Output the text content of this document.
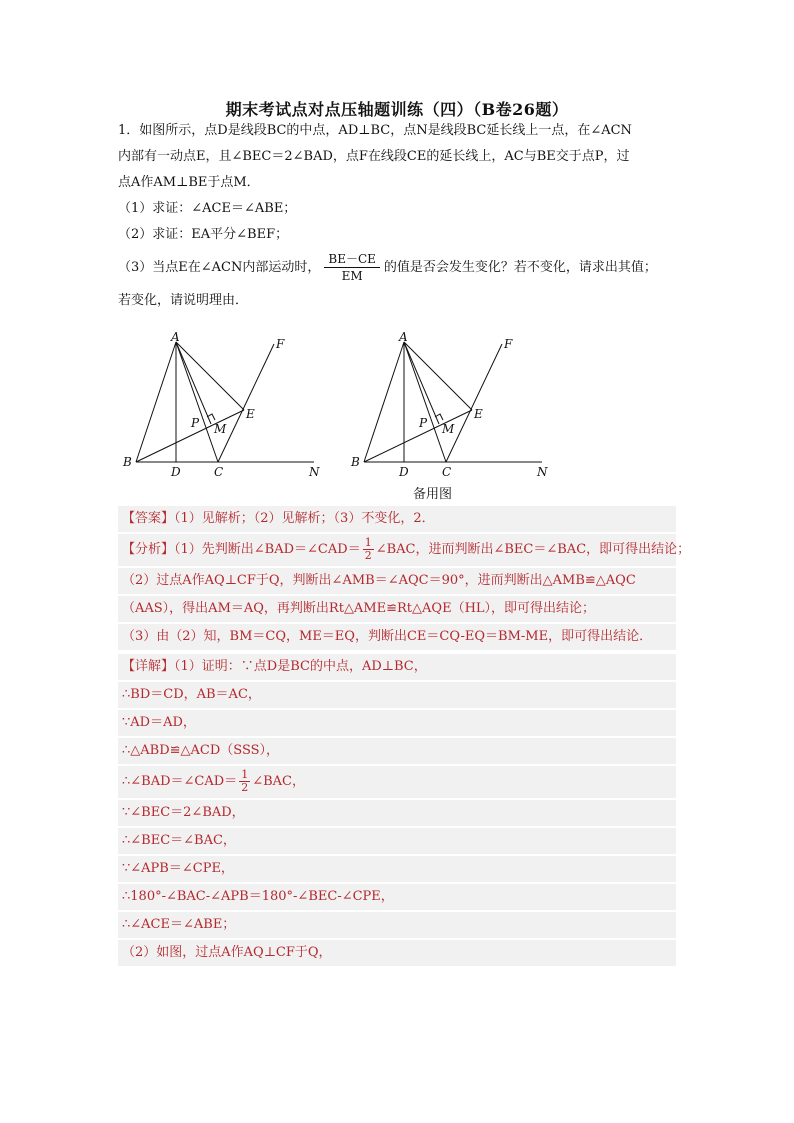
期末考试点对点压轴题训练（四）（B卷26题）
1．如图所示，点D是线段BC的中点，AD⊥BC，点N是线段BC延长线上一点，在∠ACN
内部有一动点E，且∠BEC＝2∠BAD，点F在线段CE的延长线上，AC与BE交于点P，过
点A作AM⊥BE于点M．
（1）求证：∠ACE＝∠ABE；
（2）求证：EA平分∠BEF；
（3）当点E在∠ACN内部运动时， $\frac{BE-CE}{EM}$ 的值是否会发生变化？若不变化，请求出其值；
若变化，请说明理由．
A
B
D	C	N
F
E
P M
A
B
D	C	N
F
E
P M
备用图
【答案】（1）见解析；（2）见解析；（3）不变化，2．
【分析】（1）先判断出∠BAD＝∠CAD＝ $\frac{1}{2}$ ∠BAC，进而判断出∠BEC＝∠BAC，即可得出结论；
（2）过点A作AQ⊥CF于Q，判断出∠AMB＝∠AQC＝90°，进而判断出△AMB≌△AQC
（AAS），得出AM＝AQ，再判断出Rt△AME≌Rt△AQE（HL），即可得出结论；
（3）由（2）知，BM＝CQ，ME＝EQ，判断出CE＝CQ-EQ＝BM-ME，即可得出结论．
【详解】（1）证明：∵点D是BC的中点，AD⊥BC，
∴BD＝CD，AB＝AC，
∵AD＝AD，
∴△ABD≌△ACD（SSS），
∴∠BAD＝∠CAD＝ $\frac{1}{2}$ ∠BAC，
∵∠BEC＝2∠BAD，
∴∠BEC＝∠BAC，
∵∠APB＝∠CPE，
∴180°-∠BAC-∠APB＝180°-∠BEC-∠CPE，
∴∠ACE＝∠ABE；
（2）如图，过点A作AQ⊥CF于Q，
